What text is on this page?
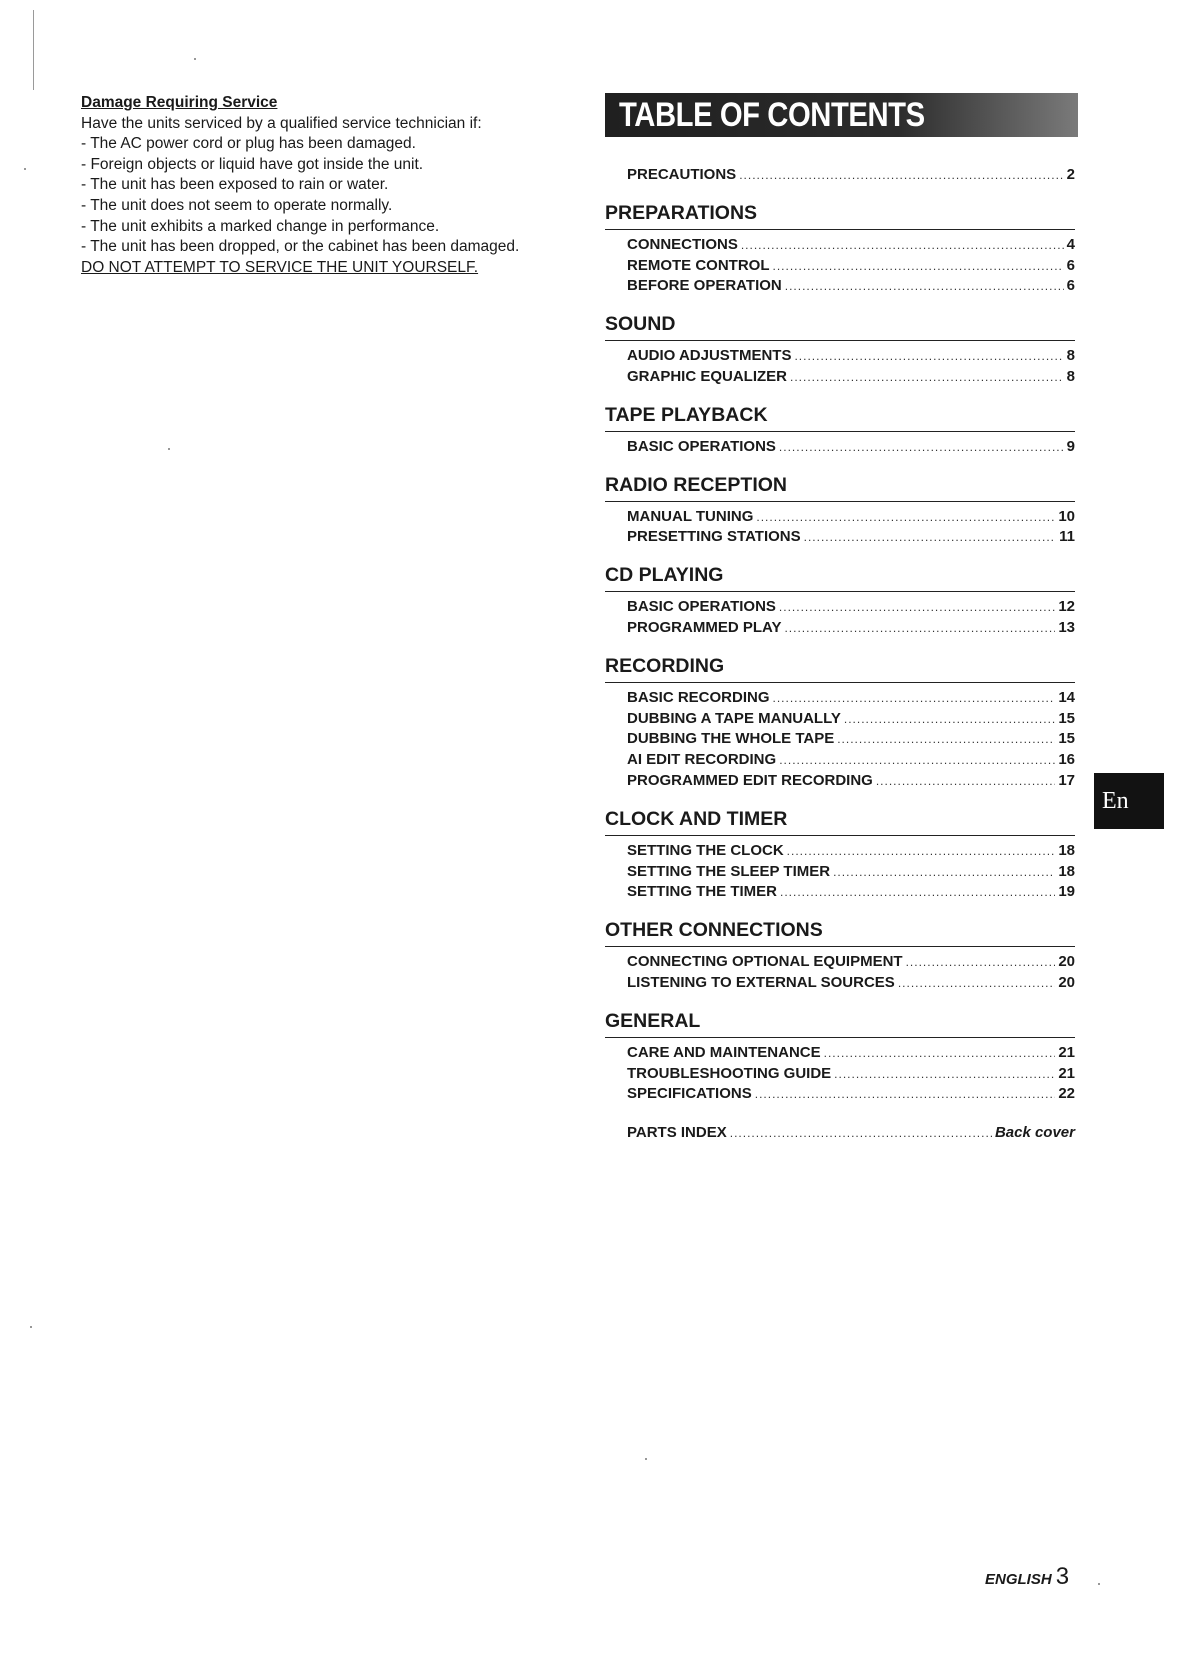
Damage Requiring Service
Have the units serviced by a qualified service technician if:
- The AC power cord or plug has been damaged.
- Foreign objects or liquid have got inside the unit.
- The unit has been exposed to rain or water.
- The unit does not seem to operate normally.
- The unit exhibits a marked change in performance.
- The unit has been dropped, or the cabinet has been damaged.
DO NOT ATTEMPT TO SERVICE THE UNIT YOURSELF.
TABLE OF CONTENTS
PRECAUTIONS .....	2
PREPARATIONS
CONNECTIONS .....	4
REMOTE CONTROL .....	6
BEFORE OPERATION .....	6
SOUND
AUDIO ADJUSTMENTS .....	8
GRAPHIC EQUALIZER .....	8
TAPE PLAYBACK
BASIC OPERATIONS .....	9
RADIO RECEPTION
MANUAL TUNING .....	10
PRESETTING STATIONS .....	11
CD PLAYING
BASIC OPERATIONS .....	12
PROGRAMMED PLAY .....	13
RECORDING
BASIC RECORDING .....	14
DUBBING A TAPE MANUALLY .....	15
DUBBING THE WHOLE TAPE .....	15
AI EDIT RECORDING .....	16
PROGRAMMED EDIT RECORDING .....	17
CLOCK AND TIMER
SETTING THE CLOCK .....	18
SETTING THE SLEEP TIMER .....	18
SETTING THE TIMER .....	19
OTHER CONNECTIONS
CONNECTING OPTIONAL EQUIPMENT .....	20
LISTENING TO EXTERNAL SOURCES .....	20
GENERAL
CARE AND MAINTENANCE .....	21
TROUBLESHOOTING GUIDE .....	21
SPECIFICATIONS .....	22
PARTS INDEX .....	Back cover
En
ENGLISH 3
